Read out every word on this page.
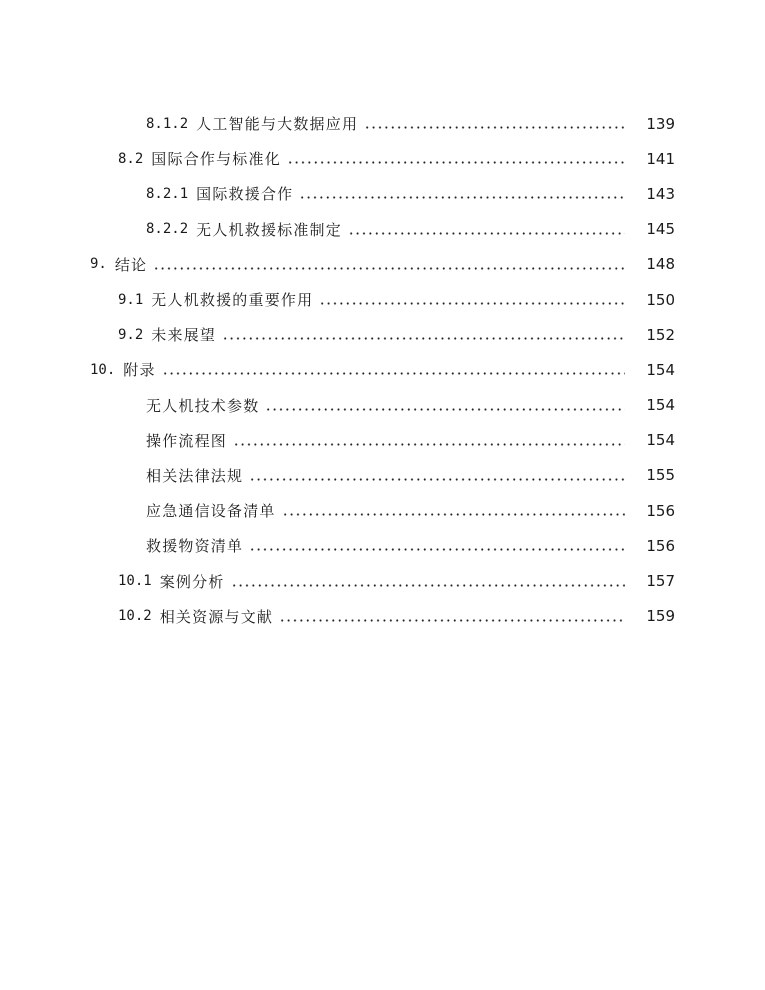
8.1.2 人工智能与大数据应用	139
8.2 国际合作与标准化	141
8.2.1 国际救援合作	143
8.2.2 无人机救援标准制定	145
9. 结论	148
9.1 无人机救援的重要作用	150
9.2 未来展望	152
10. 附录	154
无人机技术参数	154
操作流程图	154
相关法律法规	155
应急通信设备清单	156
救援物资清单	156
10.1 案例分析	157
10.2 相关资源与文献	159
